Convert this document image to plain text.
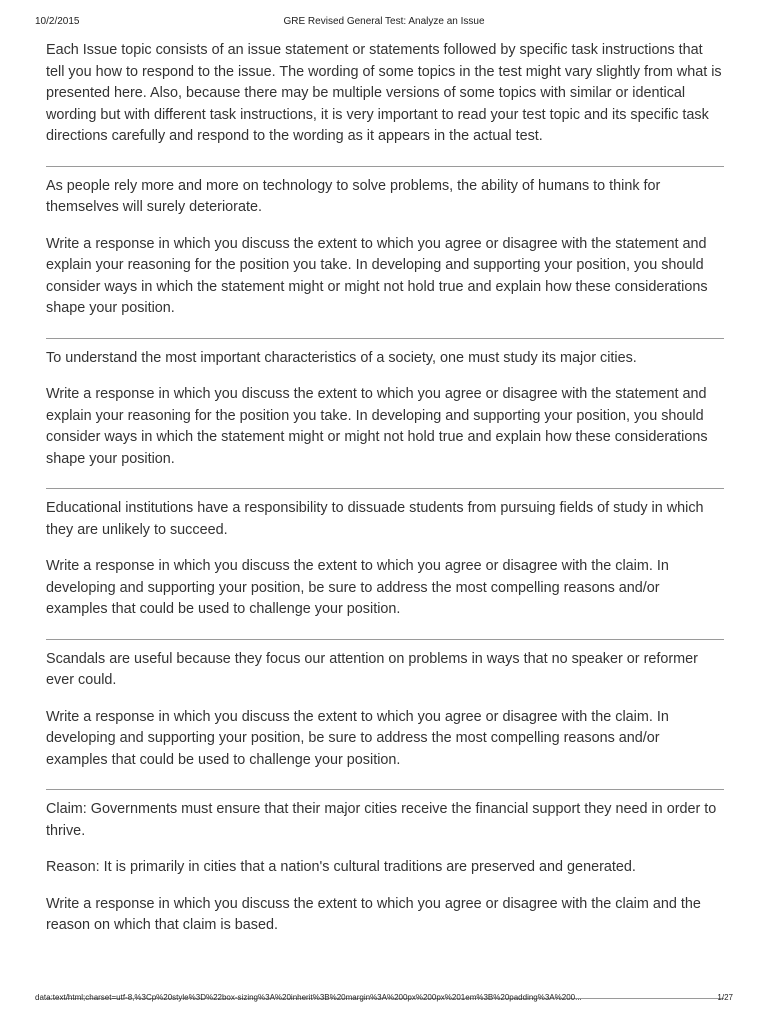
10/2/2015	GRE Revised General Test: Analyze an Issue

Each Issue topic consists of an issue statement or statements followed by specific task instructions that tell you how to respond to the issue. The wording of some topics in the test might vary slightly from what is presented here. Also, because there may be multiple versions of some topics with similar or identical wording but with different task instructions, it is very important to read your test topic and its specific task directions carefully and respond to the wording as it appears in the actual test.

As people rely more and more on technology to solve problems, the ability of humans to think for themselves will surely deteriorate.

Write a response in which you discuss the extent to which you agree or disagree with the statement and explain your reasoning for the position you take. In developing and supporting your position, you should consider ways in which the statement might or might not hold true and explain how these considerations shape your position.

To understand the most important characteristics of a society, one must study its major cities.

Write a response in which you discuss the extent to which you agree or disagree with the statement and explain your reasoning for the position you take. In developing and supporting your position, you should consider ways in which the statement might or might not hold true and explain how these considerations shape your position.

Educational institutions have a responsibility to dissuade students from pursuing fields of study in which they are unlikely to succeed.

Write a response in which you discuss the extent to which you agree or disagree with the claim. In developing and supporting your position, be sure to address the most compelling reasons and/or examples that could be used to challenge your position.

Scandals are useful because they focus our attention on problems in ways that no speaker or reformer ever could.

Write a response in which you discuss the extent to which you agree or disagree with the claim. In developing and supporting your position, be sure to address the most compelling reasons and/or examples that could be used to challenge your position.

Claim: Governments must ensure that their major cities receive the financial support they need in order to thrive.

Reason: It is primarily in cities that a nation's cultural traditions are preserved and generated.

Write a response in which you discuss the extent to which you agree or disagree with the claim and the reason on which that claim is based.

data:text/html;charset=utf-8,%3Cp%20style%3D%22box-sizing%3A%20inherit%3B%20margin%3A%200px%200px%201em%3B%20padding%3A%200...	1/27
